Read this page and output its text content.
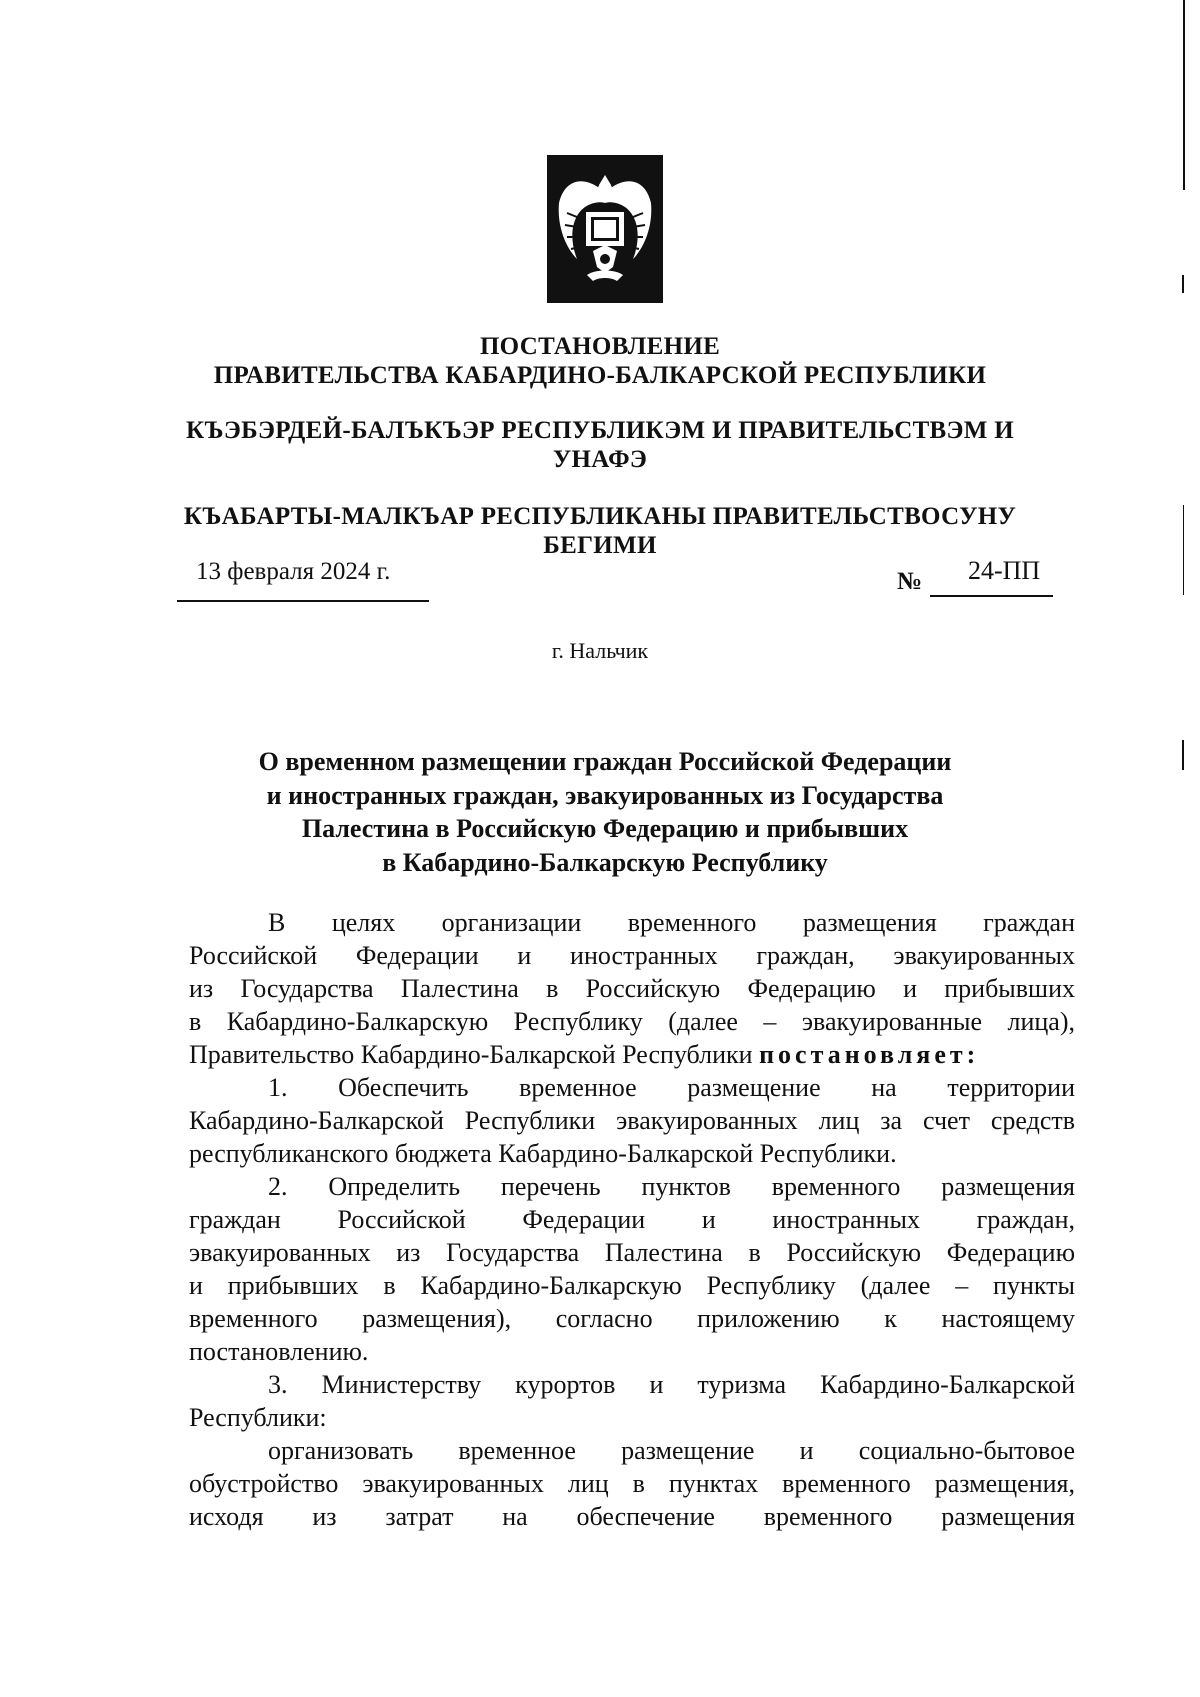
ПОСТАНОВЛЕНИЕ
ПРАВИТЕЛЬСТВА КАБАРДИНО-БАЛКАРСКОЙ РЕСПУБЛИКИ
КЪЭБЭРДЕЙ-БАЛЪКЪЭР РЕСПУБЛИКЭМ И ПРАВИТЕЛЬСТВЭМ И
УНАФЭ
КЪАБАРТЫ-МАЛКЪАР РЕСПУБЛИКАНЫ ПРАВИТЕЛЬСТВОСУНУ
БЕГИМИ
13 февраля 2024 г.	№ 24-ПП
г. Нальчик
О временном размещении граждан Российской Федерации
и иностранных граждан, эвакуированных из Государства
Палестина в Российскую Федерацию и прибывших
в Кабардино-Балкарскую Республику
В целях организации временного размещения граждан
Российской Федерации и иностранных граждан, эвакуированных
из Государства Палестина в Российскую Федерацию и прибывших
в Кабардино-Балкарскую Республику (далее – эвакуированные лица),
Правительство Кабардино-Балкарской Республики постановляет:
1. Обеспечить временное размещение на территории
Кабардино-Балкарской Республики эвакуированных лиц за счет средств
республиканского бюджета Кабардино-Балкарской Республики.
2. Определить перечень пунктов временного размещения
граждан Российской Федерации и иностранных граждан,
эвакуированных из Государства Палестина в Российскую Федерацию
и прибывших в Кабардино-Балкарскую Республику (далее – пункты
временного размещения), согласно приложению к настоящему
постановлению.
3. Министерству курортов и туризма Кабардино-Балкарской
Республики:
организовать временное размещение и социально-бытовое
обустройство эвакуированных лиц в пунктах временного размещения,
исходя из затрат на обеспечение временного размещения
